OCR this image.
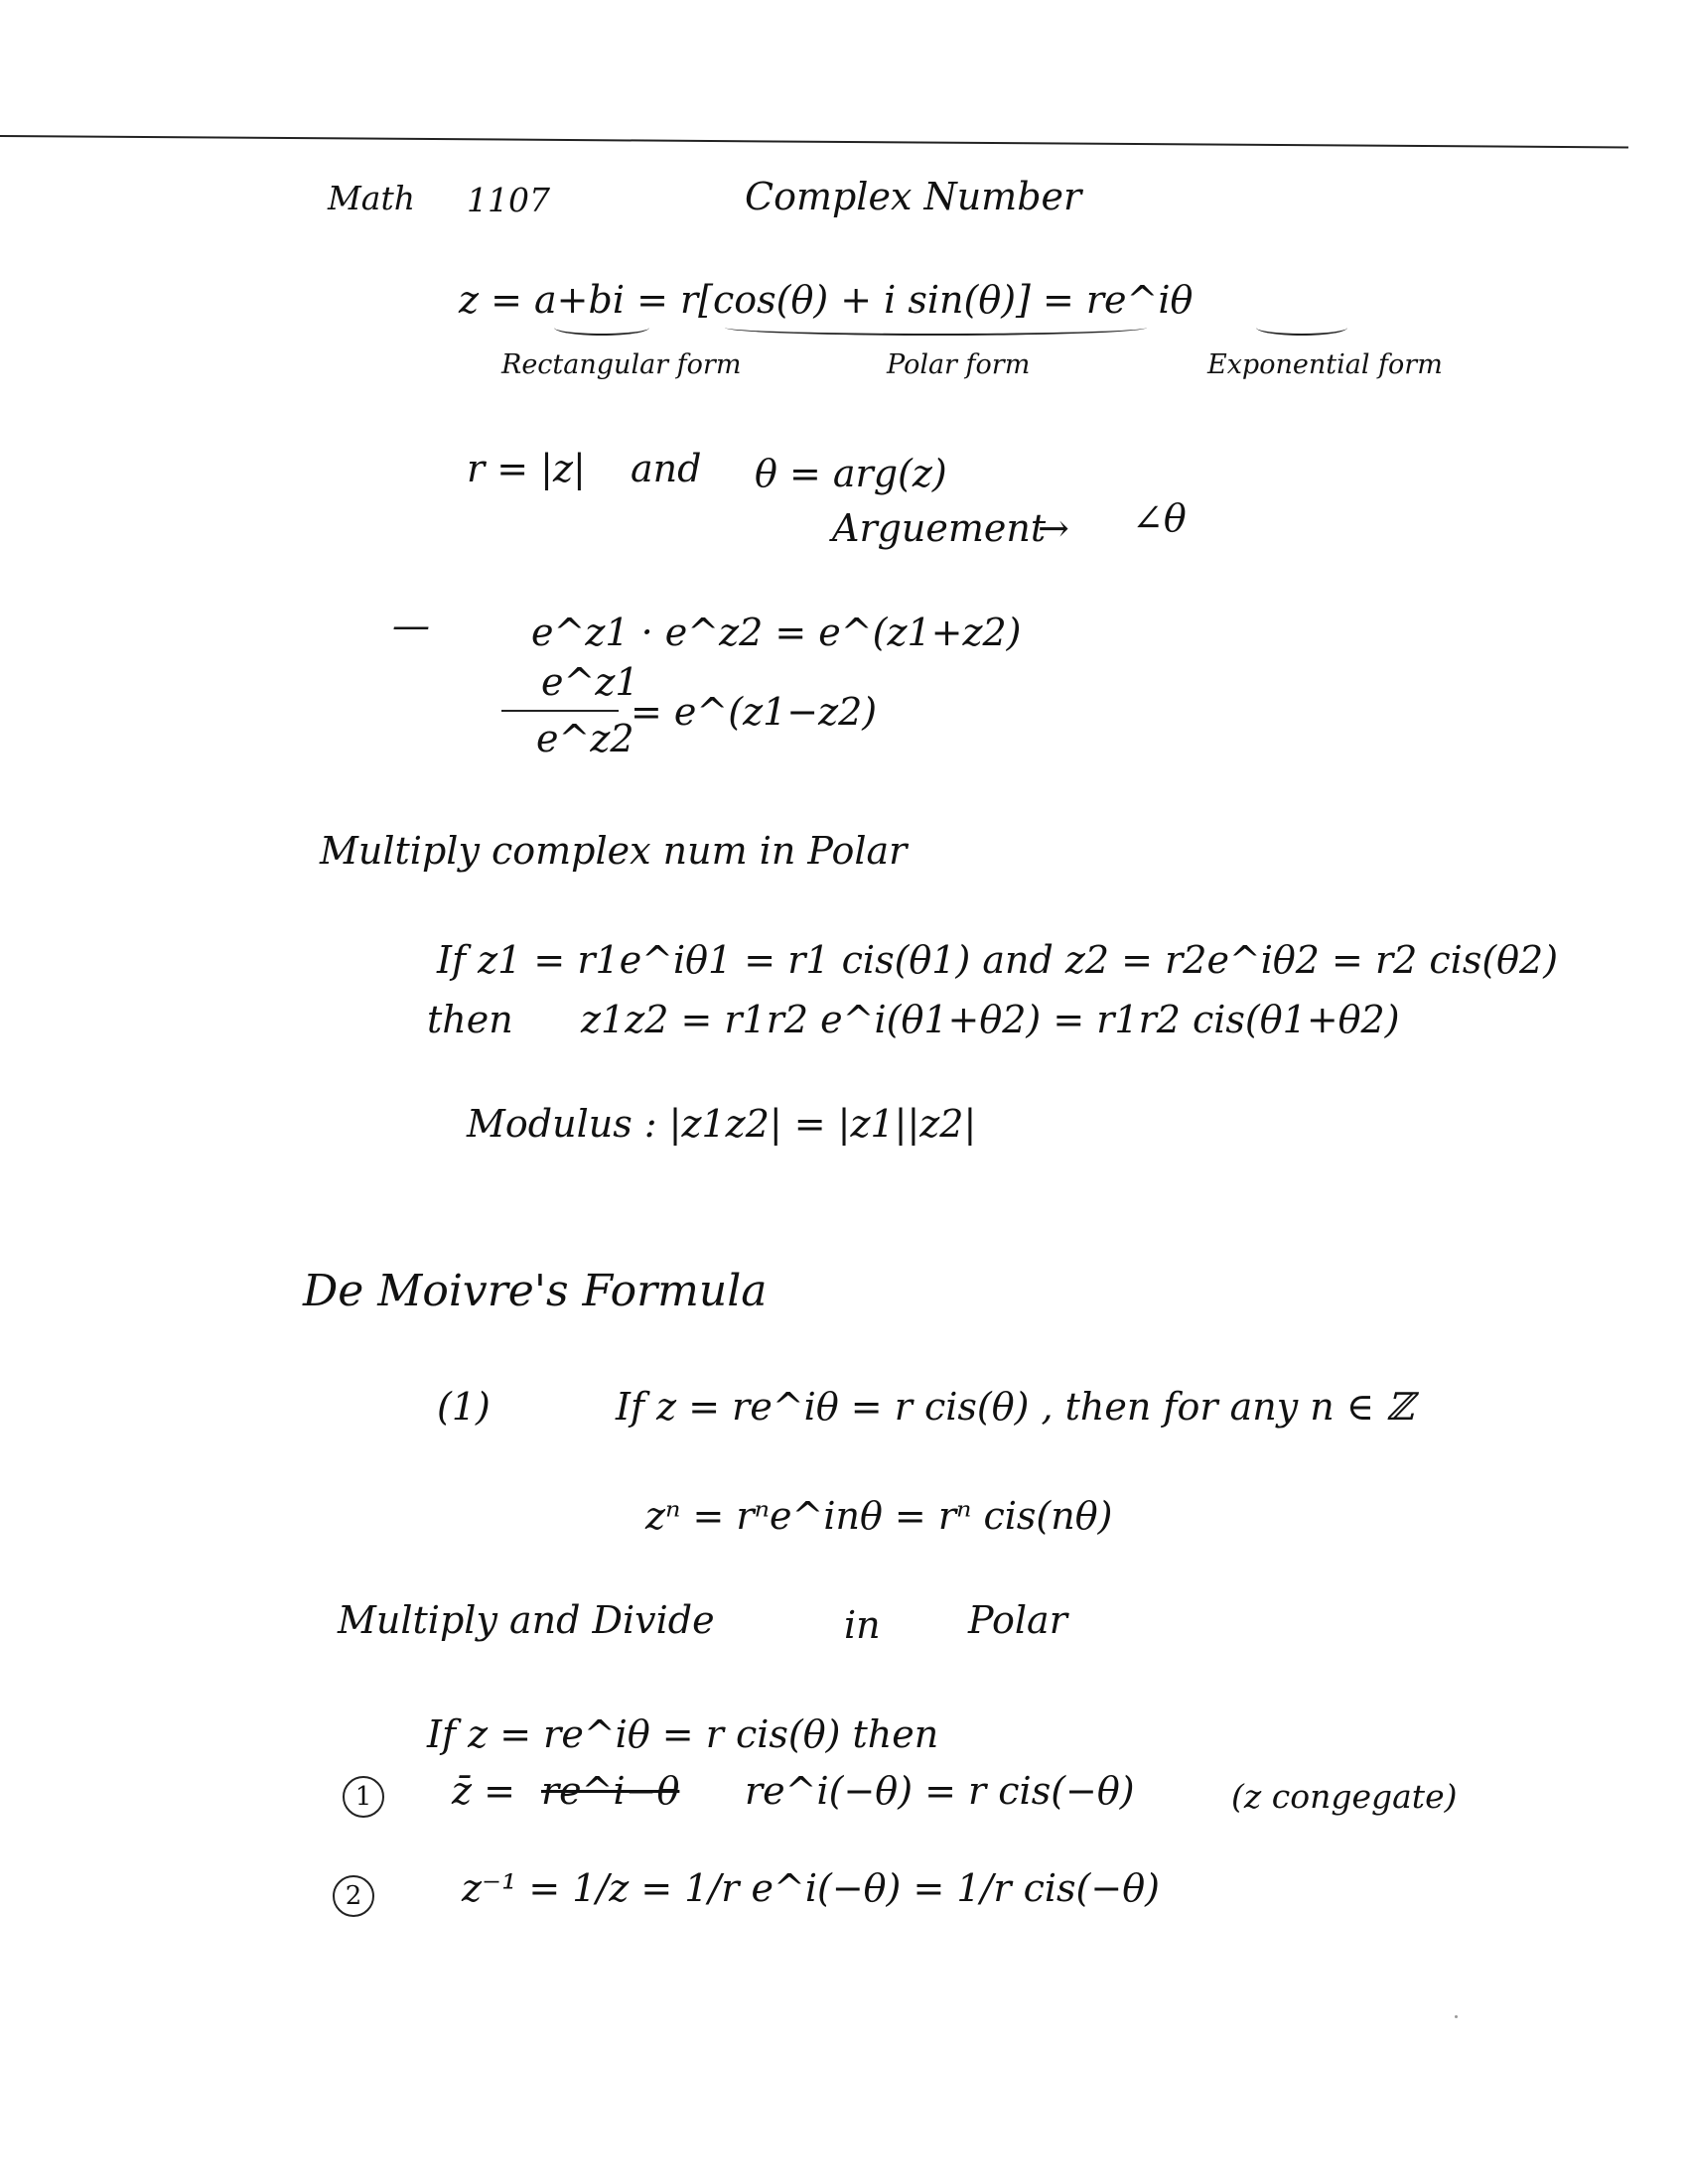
Math 1107	Complex Number
z = a+bi = r[cos(θ) + i sin(θ)] = re^iθ
Rectangular form	Polar form	Exponential form
r = |z| and θ = arg(z)
Arguement
→ ∠θ
—	e^z1 · e^z2 = e^(z1+z2)
e^z1
e^z2
= e^(z1−z2)
Multiply complex num in Polar
If z1 = r1e^iθ1 = r1 cis(θ1) and z2 = r2e^iθ2 = r2 cis(θ2)
then z1z2 = r1r2 e^i(θ1+θ2) = r1r2 cis(θ1+θ2)
Modulus : |z1z2| = |z1||z2|
De Moivre's Formula
(1)	If z = re^iθ = r cis(θ) , then for any n ∈ ℤ
zⁿ = rⁿe^inθ = rⁿ cis(nθ)
Multiply and Divide	in Polar
If z = re^iθ = r cis(θ) then
1	z̄ = re^i−θ re^i(−θ) = r cis(−θ)	(z congegate)
2	z⁻¹ = 1/z = 1/r e^i(−θ) = 1/r cis(−θ)
